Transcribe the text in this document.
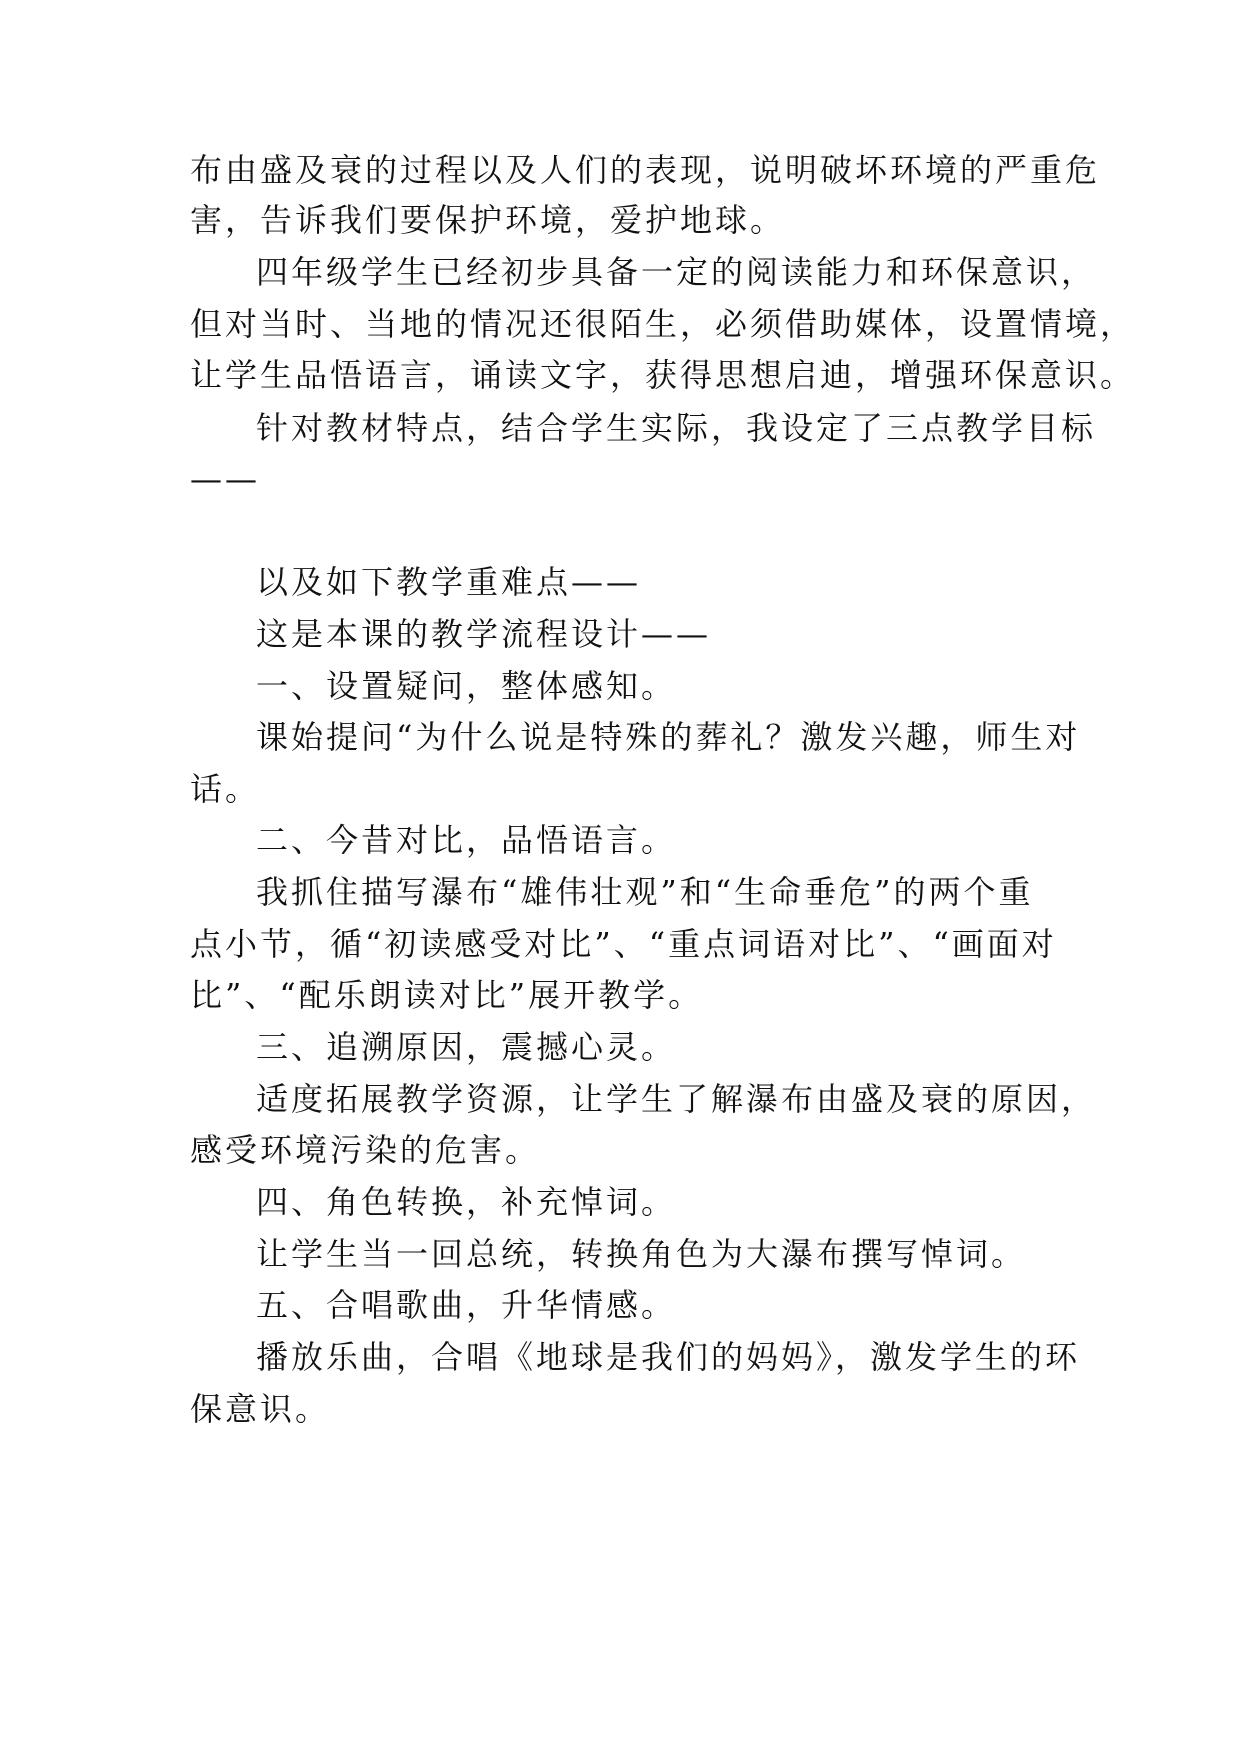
布由盛及衰的过程以及人们的表现，说明破坏环境的严重危
害，告诉我们要保护环境，爱护地球。
四年级学生已经初步具备一定的阅读能力和环保意识，
但对当时、当地的情况还很陌生，必须借助媒体，设置情境，
让学生品悟语言，诵读文字，获得思想启迪，增强环保意识。
针对教材特点，结合学生实际，我设定了三点教学目标
——
以及如下教学重难点——
这是本课的教学流程设计——
一、设置疑问，整体感知。
课始提问“为什么说是特殊的葬礼？激发兴趣，师生对
话。
二、今昔对比，品悟语言。
我抓住描写瀑布“雄伟壮观”和“生命垂危”的两个重
点小节，循“初读感受对比”、“重点词语对比”、“画面对
比”、“配乐朗读对比”展开教学。
三、追溯原因，震撼心灵。
适度拓展教学资源，让学生了解瀑布由盛及衰的原因，
感受环境污染的危害。
四、角色转换，补充悼词。
让学生当一回总统，转换角色为大瀑布撰写悼词。
五、合唱歌曲，升华情感。
播放乐曲，合唱《地球是我们的妈妈》，激发学生的环
保意识。
